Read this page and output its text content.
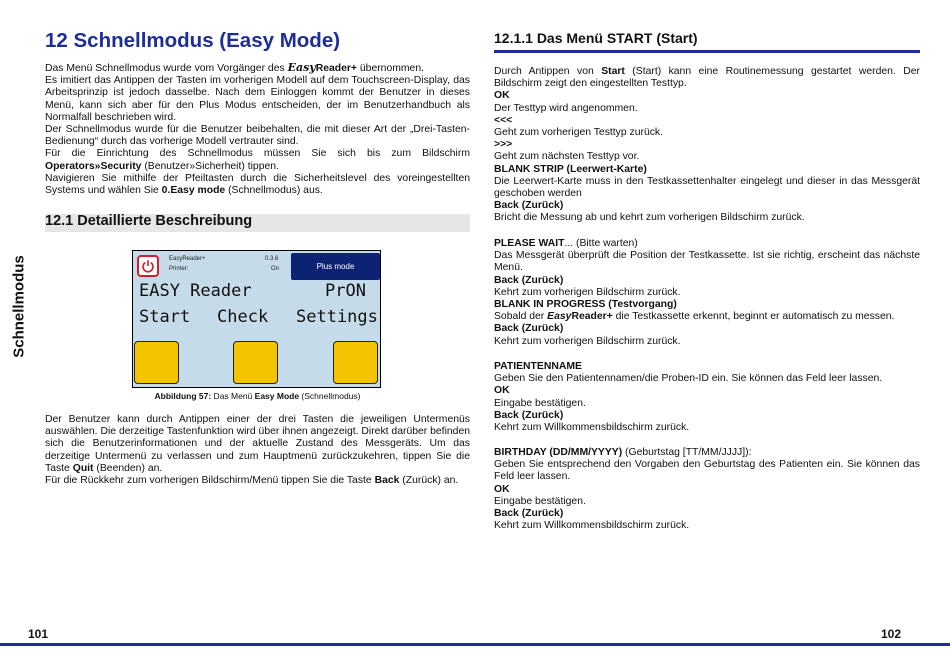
Schnellmodus
12 Schnellmodus (Easy Mode)

Das Menü Schnellmodus wurde vom Vorgänger des EasyReader+ übernommen.

Es imitiert das Antippen der Tasten im vorherigen Modell auf dem Touchscreen-Display, das Arbeitsprinzip ist jedoch dasselbe. Nach dem Einloggen kommt der Benutzer in dieses Menü, kann sich aber für den Plus Modus entscheiden, der im Benutzerhandbuch als Normalfall beschrieben wird.

Der Schnellmodus wurde für die Benutzer beibehalten, die mit dieser Art der „Drei-Tasten-Bedienung“ durch das vorherige Modell vertrauter sind.

Für die Einrichtung des Schnellmodus müssen Sie sich bis zum Bildschirm Operators»Security (Benutzer»Sicherheit) tippen.

Navigieren Sie mithilfe der Pfeiltasten durch die Sicherheitslevel des voreingestellten Systems und wählen Sie 0.Easy mode (Schnellmodus) aus.

12.1 Detaillierte Beschreibung
EasyReader+
Printer:
0.3.6
On	Plus mode
EASY Reader	PrON
Start Check Settings
Abbildung 57: Das Menü Easy Mode (Schnellmodus)

Der Benutzer kann durch Antippen einer der drei Tasten die jeweiligen Untermenüs auswählen. Die derzeitige Tastenfunktion wird über ihnen angezeigt. Direkt darüber befinden sich die Benutzerinformationen und der aktuelle Zustand des Messgeräts. Um das derzeitige Untermenü zu verlassen und zum Hauptmenü zurückzukehren, tippen Sie die Taste Quit (Beenden) an.

Für die Rückkehr zum vorherigen Bildschirm/Menü tippen Sie die Taste Back (Zurück) an.

12.1.1 Das Menü START (Start)

Durch Antippen von Start (Start) kann eine Routinemessung gestartet werden. Der Bildschirm zeigt den eingestellten Testtyp.

OK
Der Testtyp wird angenommen.
<<<
Geht zum vorherigen Testtyp zurück.
>>>
Geht zum nächsten Testtyp vor.
BLANK STRIP (Leerwert-Karte)

Die Leerwert-Karte muss in den Testkassettenhalter eingelegt und dieser in das Messgerät geschoben werden

Back (Zurück)
Bricht die Messung ab und kehrt zum vorherigen Bildschirm zurück.
PLEASE WAIT... (Bitte warten)

Das Messgerät überprüft die Position der Testkassette. Ist sie richtig, erscheint das nächste Menü.

Back (Zurück)
Kehrt zum vorherigen Bildschirm zurück.
BLANK IN PROGRESS (Testvorgang)
Sobald der EasyReader+ die Testkassette erkennt, beginnt er automatisch zu messen.
Back (Zurück)
Kehrt zum vorherigen Bildschirm zurück.
PATIENTENNAME
Geben Sie den Patientennamen/die Proben-ID ein. Sie können das Feld leer lassen.
OK
Eingabe bestätigen.
Back (Zurück)
Kehrt zum Willkommensbildschirm zurück.
BIRTHDAY (DD/MM/YYYY) (Geburtstag [TT/MM/JJJJ]):

Geben Sie entsprechend den Vorgaben den Geburtstag des Patienten ein. Sie können das Feld leer lassen.

OK
Eingabe bestätigen.
Back (Zurück)
Kehrt zum Willkommensbildschirm zurück.
101	102
